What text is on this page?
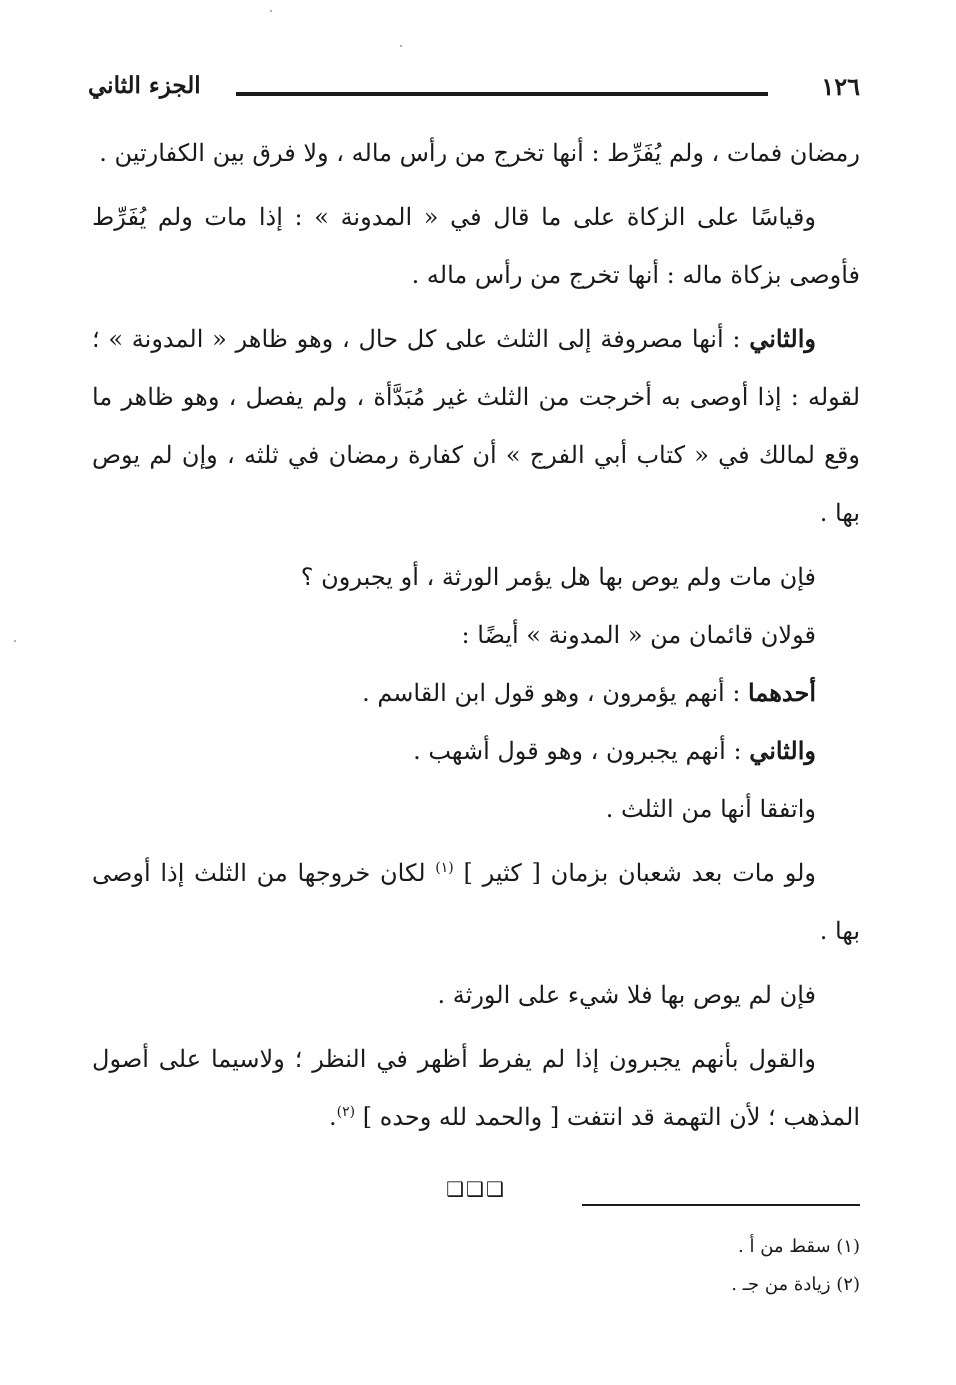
١٢٦
الجزء الثاني

رمضان فمات ، ولم يُفَرِّط : أنها تخرج من رأس ماله ، ولا فرق بين الكفارتين .

وقياسًا على الزكاة على ما قال في « المدونة » : إذا مات ولم يُفَرِّط فأوصى بزكاة ماله : أنها تخرج من رأس ماله .

والثاني : أنها مصروفة إلى الثلث على كل حال ، وهو ظاهر « المدونة » ؛ لقوله : إذا أوصى به أخرجت من الثلث غير مُبَدَّأة ، ولم يفصل ، وهو ظاهر ما وقع لمالك في « كتاب أبي الفرج » أن كفارة رمضان في ثلثه ، وإن لم يوص بها .

فإن مات ولم يوص بها هل يؤمر الورثة ، أو يجبرون ؟

قولان قائمان من « المدونة » أيضًا :

أحدهما : أنهم يؤمرون ، وهو قول ابن القاسم .

والثاني : أنهم يجبرون ، وهو قول أشهب .

واتفقا أنها من الثلث .

ولو مات بعد شعبان بزمان [ كثير ] $^{(١)}$ لكان خروجها من الثلث إذا أوصى بها .

فإن لم يوص بها فلا شيء على الورثة .

والقول بأنهم يجبرون إذا لم يفرط أظهر في النظر ؛ ولاسيما على أصول المذهب ؛ لأن التهمة قد انتفت [ والحمد لله وحده ] $^{(٢)}$.

❑❑❑
(١) سقط من أ .
(٢) زيادة من جـ .
